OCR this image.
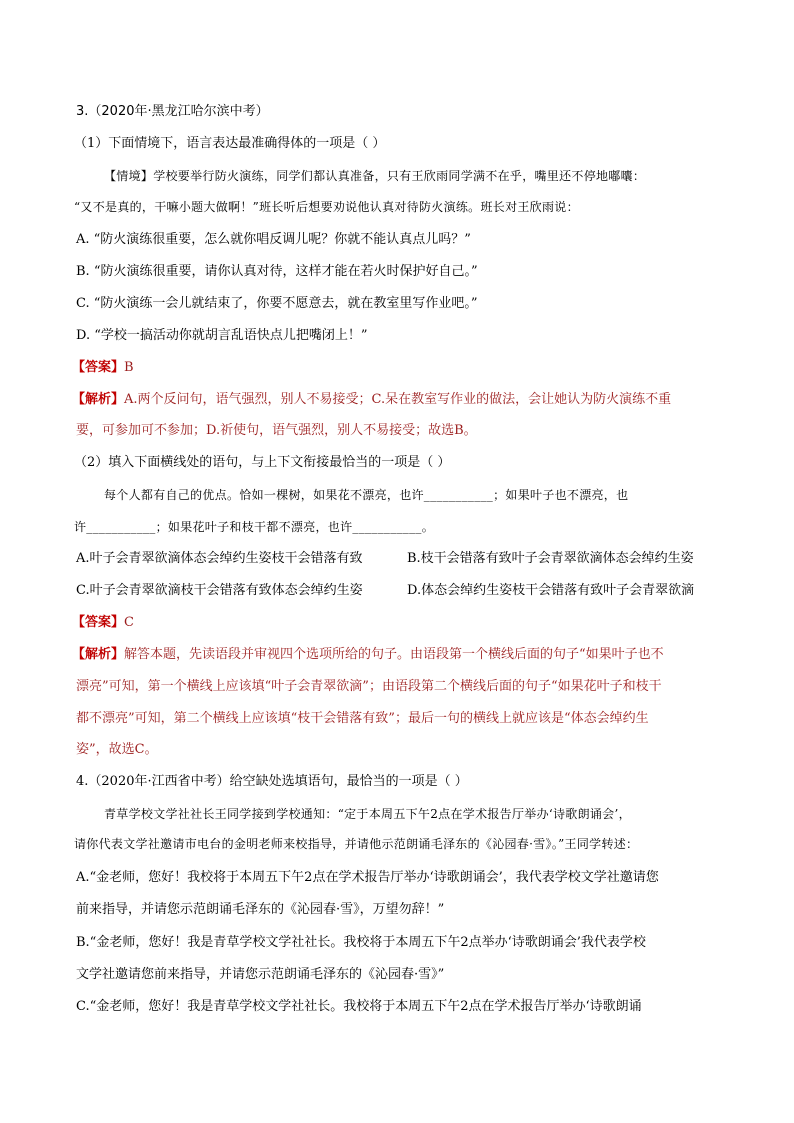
3.（2020年·黑龙江哈尔滨中考）
（1）下面情境下，语言表达最准确得体的一项是（ ）
【情境】学校要举行防火演练，同学们都认真准备，只有王欣雨同学满不在乎，嘴里还不停地嘟囔：
“又不是真的，干嘛小题大做啊！”班长听后想要劝说他认真对待防火演练。班长对王欣雨说：
A. “防火演练很重要，怎么就你唱反调儿呢？你就不能认真点儿吗？”
B. “防火演练很重要，请你认真对待，这样才能在若火时保护好自己。”
C. “防火演练一会儿就结束了，你要不愿意去，就在教室里写作业吧。”
D. “学校一搞活动你就胡言乱语快点儿把嘴闭上！”
【答案】B
【解析】A.两个反问句，语气强烈，别人不易接受；C.呆在教室写作业的做法，会让她认为防火演练不重
要，可参加可不参加；D.祈使句，语气强烈，别人不易接受；故选B。
（2）填入下面横线处的语句，与上下文衔接最恰当的一项是（ ）
每个人都有自己的优点。恰如一棵树，如果花不漂亮，也许___________；如果叶子也不漂亮，也
许___________；如果花叶子和枝干都不漂亮，也许___________。
A.叶子会青翠欲滴体态会绰约生姿枝干会错落有致	B.枝干会错落有致叶子会青翠欲滴体态会绰约生姿
C.叶子会青翠欲滴枝干会错落有致体态会绰约生姿	D.体态会绰约生姿枝干会错落有致叶子会青翠欲滴
【答案】C
【解析】解答本题，先读语段并审视四个选项所给的句子。由语段第一个横线后面的句子“如果叶子也不
漂亮”可知，第一个横线上应该填“叶子会青翠欲滴”；由语段第二个横线后面的句子“如果花叶子和枝干
都不漂亮”可知，第二个横线上应该填“枝干会错落有致”；最后一句的横线上就应该是“体态会绰约生
姿”，故选C。
4.（2020年·江西省中考）给空缺处选填语句，最恰当的一项是（ ）
青草学校文学社社长王同学接到学校通知：“定于本周五下午2点在学术报告厅举办‘诗歌朗诵会’，
请你代表文学社邀请市电台的金明老师来校指导，并请他示范朗诵毛泽东的《沁园春·雪》。”王同学转述：
A.“金老师，您好！我校将于本周五下午2点在学术报告厅举办‘诗歌朗诵会’，我代表学校文学社邀请您
前来指导，并请您示范朗诵毛泽东的《沁园春·雪》，万望勿辞！”
B.“金老师，您好！我是青草学校文学社社长。我校将于本周五下午2点举办‘诗歌朗诵会’我代表学校
文学社邀请您前来指导，并请您示范朗诵毛泽东的《沁园春·雪》”
C.“金老师，您好！我是青草学校文学社社长。我校将于本周五下午2点在学术报告厅举办‘诗歌朗诵
